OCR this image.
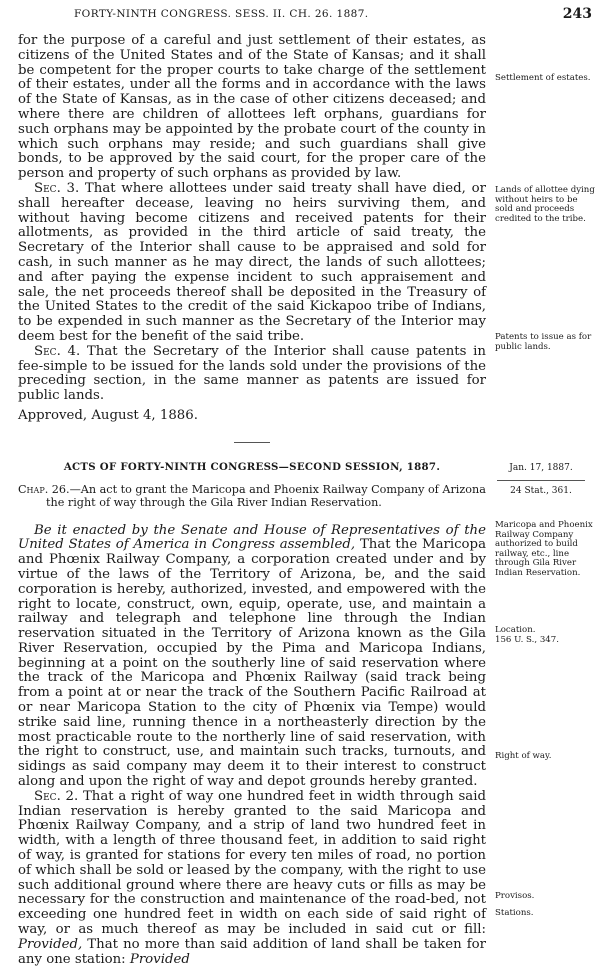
FORTY-NINTH CONGRESS. SESS. II. CH. 26. 1887.	243

for the purpose of a careful and just settlement of their estates, as citizens of the United States and of the State of Kansas; and it shall be competent for the proper courts to take charge of the settlement of their estates, under all the forms and in accordance with the laws of the State of Kansas, as in the case of other citizens deceased; and where there are children of allottees left orphans, guardians for such orphans may be appointed by the probate court of the county in which such orphans may reside; and such guardians shall give bonds, to be approved by the said court, for the proper care of the person and property of such orphans as provided by law.

Sec. 3. That where allottees under said treaty shall have died, or shall hereafter decease, leaving no heirs surviving them, and without having become citizens and received patents for their allotments, as provided in the third article of said treaty, the Secretary of the Interior shall cause to be appraised and sold for cash, in such manner as he may direct, the lands of such allottees; and after paying the expense incident to such appraisement and sale, the net proceeds thereof shall be deposited in the Treasury of the United States to the credit of the said Kickapoo tribe of Indians, to be expended in such manner as the Secretary of the Interior may deem best for the benefit of the said tribe.

Sec. 4. That the Secretary of the Interior shall cause patents in fee-simple to be issued for the lands sold under the provisions of the preceding section, in the same manner as patents are issued for public lands.

Approved, August 4, 1886.

ACTS OF FORTY-NINTH CONGRESS—SECOND SESSION, 1887.

Chap. 26.—An act to grant the Maricopa and Phoenix Railway Company of Arizona
the right of way through the Gila River Indian Reservation.

Be it enacted by the Senate and House of Representatives of the United States of America in Congress assembled, That the Maricopa and Phœnix Railway Company, a corporation created under and by virtue of the laws of the Territory of Arizona, be, and the said corporation is hereby, authorized, invested, and empowered with the right to locate, construct, own, equip, operate, use, and maintain a railway and telegraph and telephone line through the Indian reservation situated in the Territory of Arizona known as the Gila River Reservation, occupied by the Pima and Maricopa Indians, beginning at a point on the southerly line of said reservation where the track of the Maricopa and Phœnix Railway (said track being from a point at or near the track of the Southern Pacific Railroad at or near Maricopa Station to the city of Phœnix via Tempe) would strike said line, running thence in a northeasterly direction by the most practicable route to the northerly line of said reservation, with the right to construct, use, and maintain such tracks, turnouts, and sidings as said company may deem it to their interest to construct along and upon the right of way and depot grounds hereby granted.

Sec. 2. That a right of way one hundred feet in width through said Indian reservation is hereby granted to the said Maricopa and Phœnix Railway Company, and a strip of land two hundred feet in width, with a length of three thousand feet, in addition to said right of way, is granted for stations for every ten miles of road, no portion of which shall be sold or leased by the company, with the right to use such additional ground where there are heavy cuts or fills as may be necessary for the construction and maintenance of the road-bed, not exceeding one hundred feet in width on each side of said right of way, or as much thereof as may be included in said cut or fill: Provided, That no more than said addition of land shall be taken for any one station: Provided

Settlement of estates.
Lands of allottee dying without heirs to be sold and proceeds credited to the tribe.
Patents to issue as for public lands.
Jan. 17, 1887.
24 Stat., 361.
Maricopa and Phoenix Railway Company authorized to build railway, etc., line through Gila River Indian Reservation.
Location.
156 U. S., 347.
Right of way.
Provisos.
Stations.
